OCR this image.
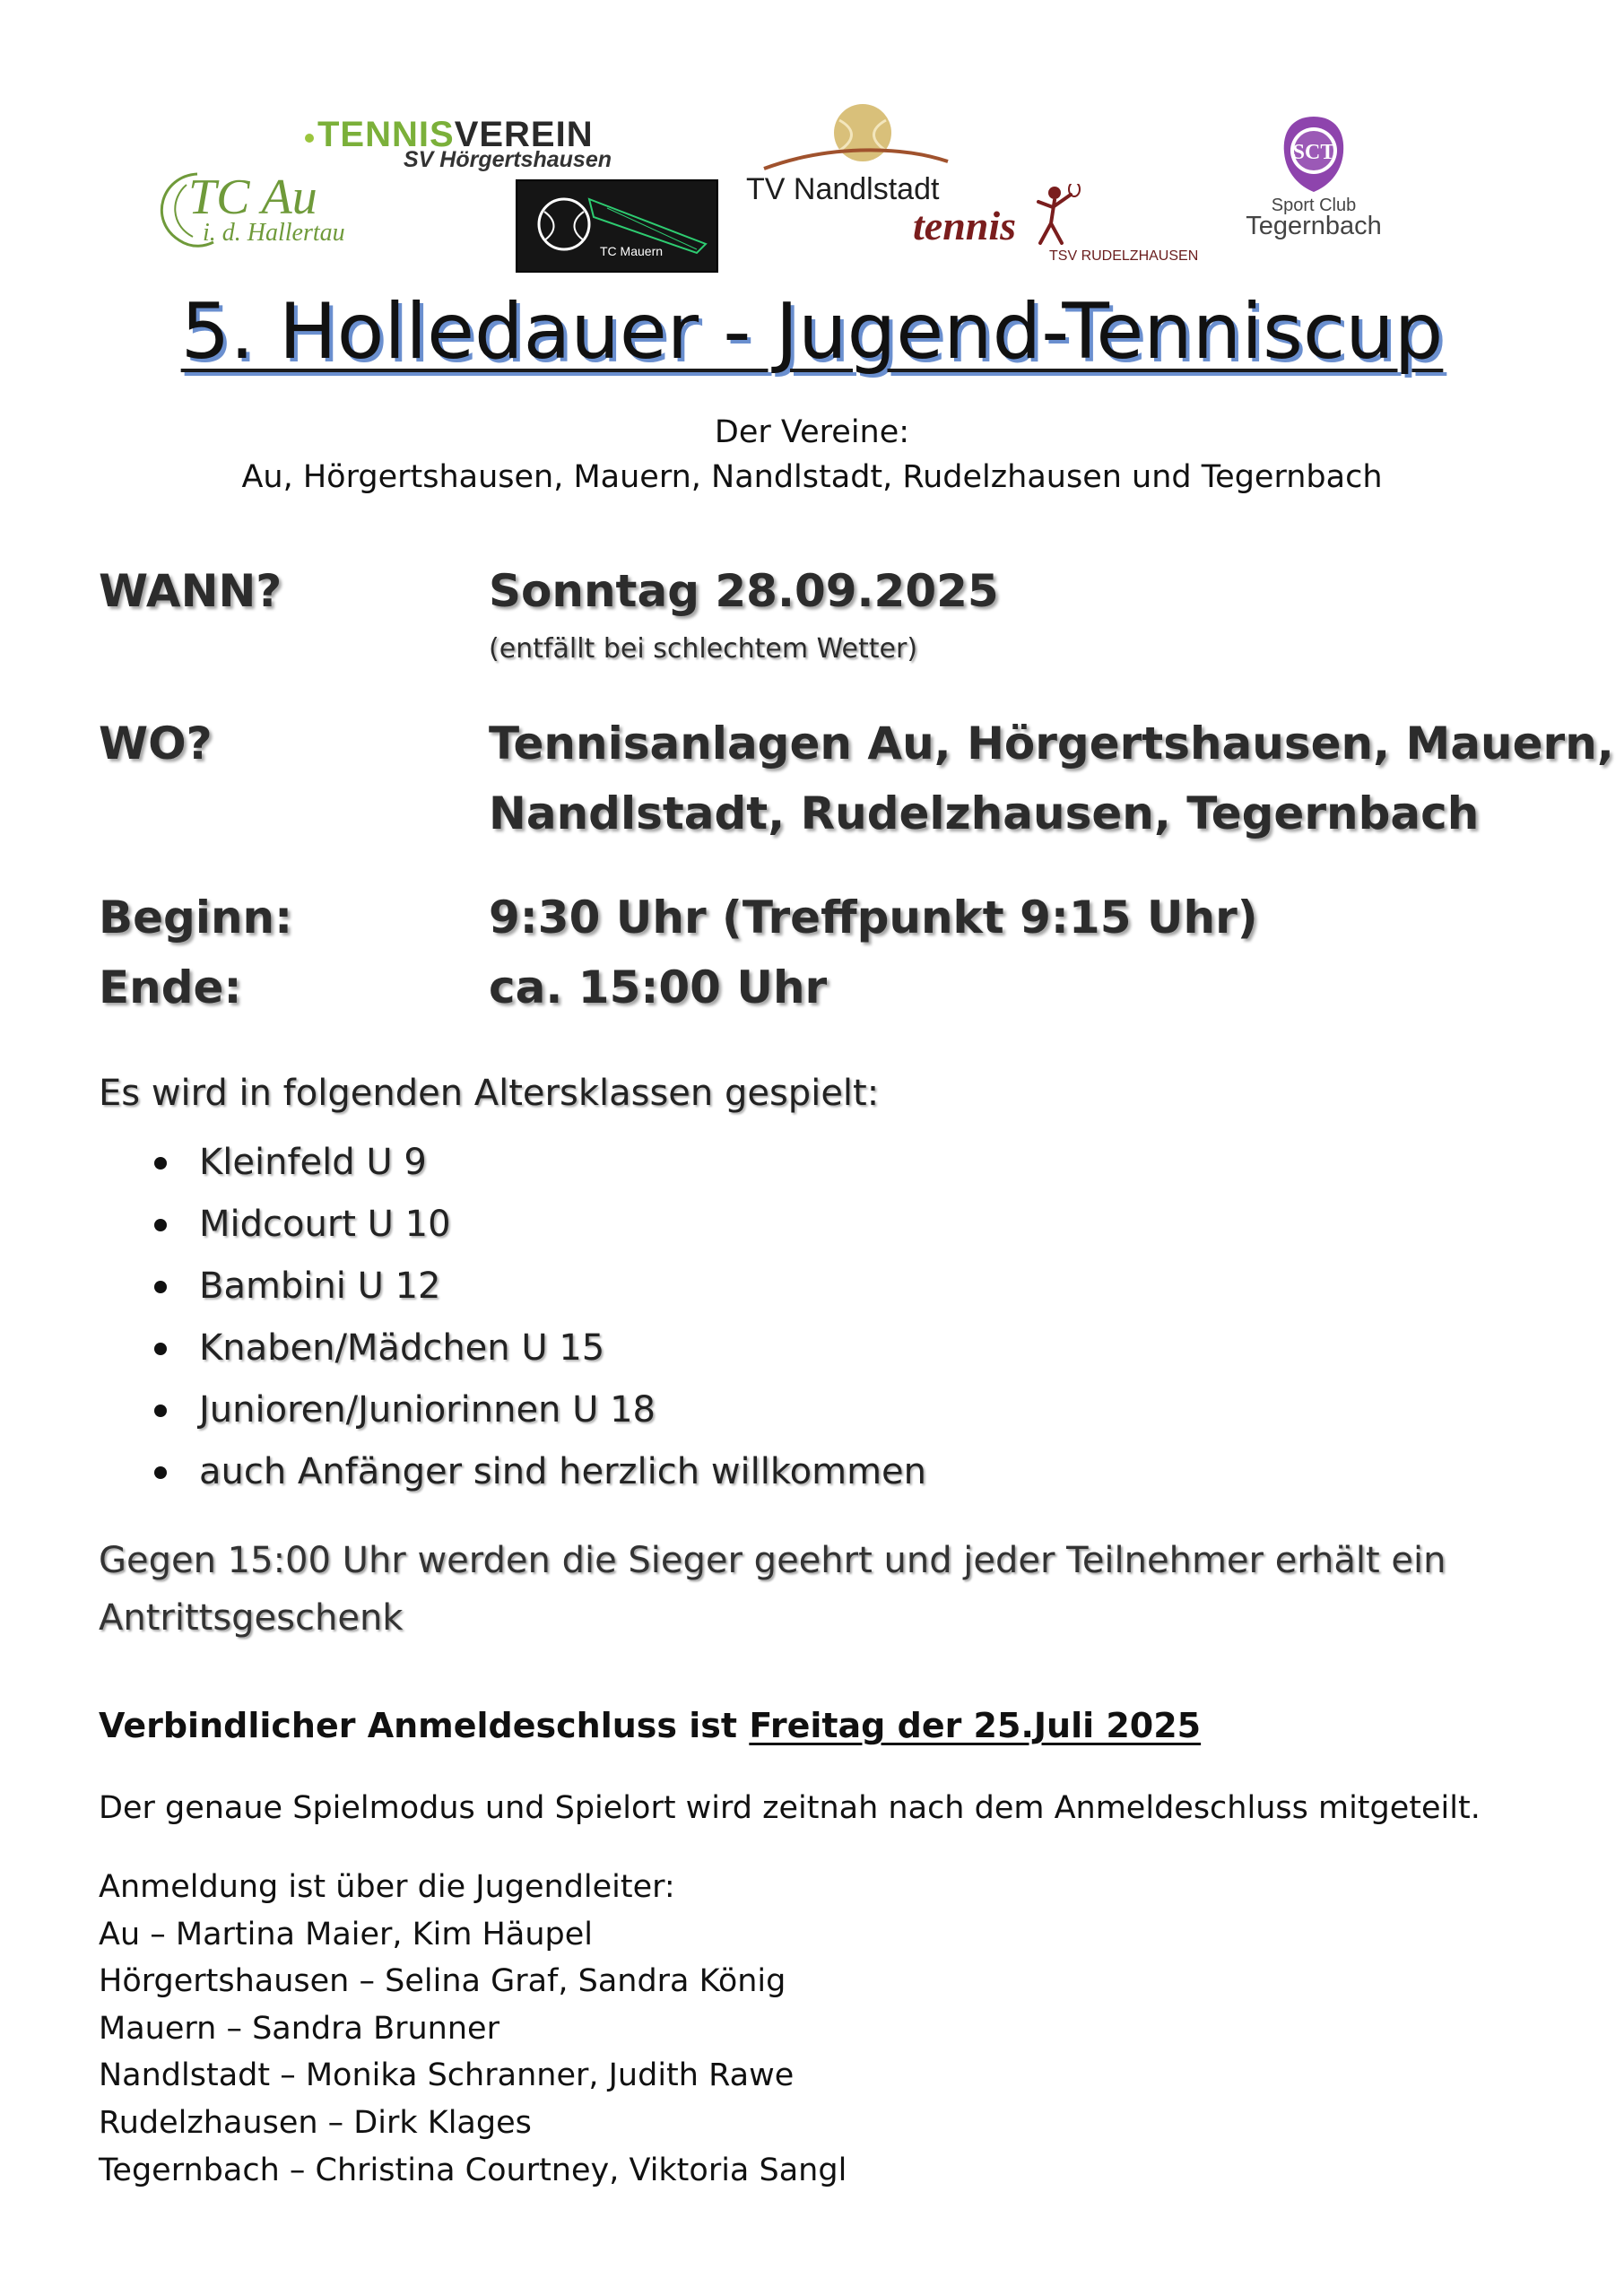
TENNISVEREIN
SV Hörgertshausen
TC Au
i. d. Hallertau
TC Mauern
TV Nandlstadt
tennis
TSV RUDELZHAUSEN
SCT
Sport Club
Tegernbach
5. Holledauer - Jugend-Tenniscup
Der Vereine:
Au, Hörgertshausen, Mauern, Nandlstadt, Rudelzhausen und Tegernbach
WANN?	Sonntag 28.09.2025
(entfällt bei schlechtem Wetter)
WO?	Tennisanlagen Au, Hörgertshausen, Mauern,
Nandlstadt, Rudelzhausen, Tegernbach
Beginn:	9:30 Uhr (Treffpunkt 9:15 Uhr)
Ende:	ca. 15:00 Uhr
Es wird in folgenden Altersklassen gespielt:
Kleinfeld U 9
Midcourt U 10
Bambini U 12
Knaben/Mädchen U 15
Junioren/Juniorinnen U 18
auch Anfänger sind herzlich willkommen
Gegen 15:00 Uhr werden die Sieger geehrt und jeder Teilnehmer erhält ein Antrittsgeschenk
Verbindlicher Anmeldeschluss ist Freitag der 25.Juli 2025
Der genaue Spielmodus und Spielort wird zeitnah nach dem Anmeldeschluss mitgeteilt.
Anmeldung ist über die Jugendleiter:
Au – Martina Maier, Kim Häupel
Hörgertshausen – Selina Graf, Sandra König
Mauern – Sandra Brunner
Nandlstadt – Monika Schranner, Judith Rawe
Rudelzhausen – Dirk Klages
Tegernbach – Christina Courtney, Viktoria Sangl
